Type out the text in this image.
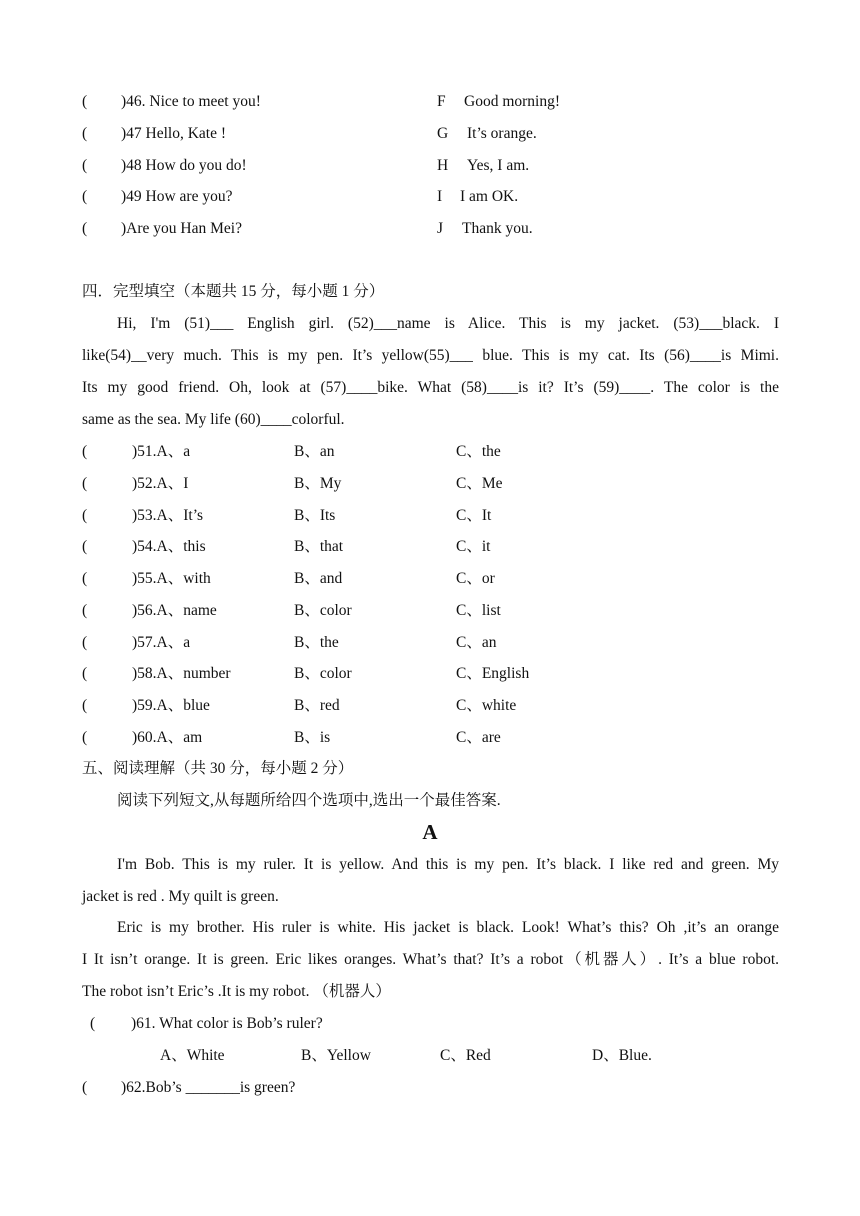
( )46. Nice to meet you!	F Good morning!
( )47 Hello, Kate !	G It’s orange.
( )48 How do you do!	H Yes, I am.
( )49 How are you?	I I am OK.
( )Are you Han Mei?	J Thank you.
四．完型填空（本题共 15 分，每小题 1 分）
Hi, I'm (51)___ English girl. (52)___name is Alice. This is my jacket. (53)___black. I
like(54)__very much. This is my pen. It’s yellow(55)___ blue. This is my cat. Its (56)____is Mimi.
Its my good friend. Oh, look at (57)____bike. What (58)____is it? It’s (59)____. The color is the
same as the sea. My life (60)____colorful.
(	)51.A、a	B、an	C、the
(	)52.A、I	B、My	C、Me
(	)53.A、It’s	B、Its	C、It
(	)54.A、this	B、that	C、it
(	)55.A、with	B、and	C、or
(	)56.A、name	B、color	C、list
(	)57.A、a	B、the	C、an
(	)58.A、number	B、color	C、English
(	)59.A、blue	B、red	C、white
(	)60.A、am	B、is	C、are
五、阅读理解（共 30 分，每小题 2 分）
阅读下列短文,从每题所给四个选项中,选出一个最佳答案.
A
I'm Bob. This is my ruler. It is yellow. And this is my pen. It’s black. I like red and green. My
jacket is red . My quilt is green.
Eric is my brother. His ruler is white. His jacket is black. Look! What’s this? Oh ,it’s an orange
I It isn’t orange. It is green. Eric likes oranges. What’s that? It’s a robot（机器人）. It’s a blue robot.
The robot isn’t Eric’s .It is my robot. （机器人）
( )61. What color is Bob’s ruler?
A、White	B、Yellow	C、Red	D、Blue.
( )62.Bob’s _______is green?
